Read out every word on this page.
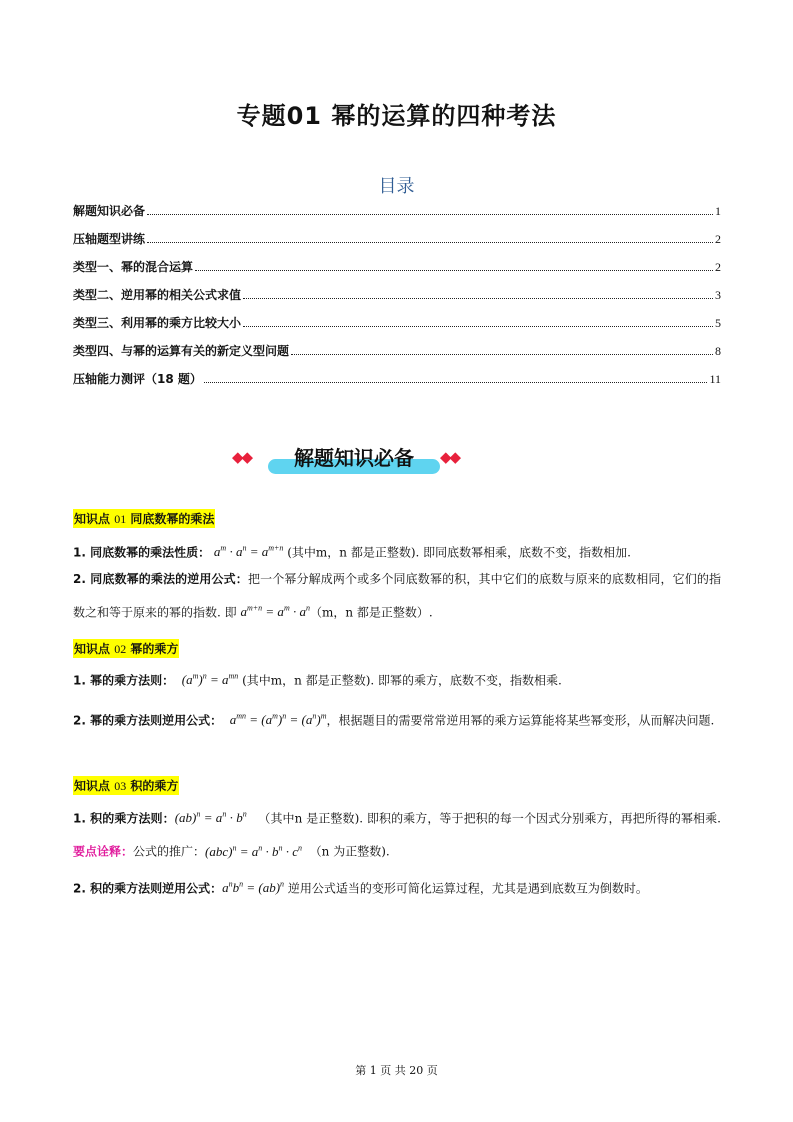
专题01 幂的运算的四种考法
目录
解题知识必备	1
压轴题型讲练	2
类型一、幂的混合运算	2
类型二、逆用幂的相关公式求值	3
类型三、利用幂的乘方比较大小	5
类型四、与幂的运算有关的新定义型问题	8
压轴能力测评（18 题）	11
◆◆	解题知识必备	◆◆
知识点 01 同底数幂的乘法
1. 同底数幂的乘法性质： $a^m \cdot a^n = a^{m+n}$ (其中m，n 都是正整数). 即同底数幂相乘，底数不变，指数相加.
2. 同底数幂的乘法的逆用公式：把一个幂分解成两个或多个同底数幂的积，其中它们的底数与原来的底数相同，它们的指数之和等于原来的幂的指数. 即 $a^{m+n} = a^m \cdot a^n(m$，n 都是正整数）.
知识点 02 幂的乘方
1. 幂的乘方法则： $(a^m)^n = a^{mn}$ (其中m，n 都是正整数). 即幂的乘方，底数不变，指数相乘.
2. 幂的乘方法则逆用公式： $a^{mn} = (a^m)^n = (a^n)^m$，根据题目的需要常常逆用幂的乘方运算能将某些幂变形，从而解决问题.
知识点 03 积的乘方
1. 积的乘方法则：$(ab)^n = a^n \cdot b^n$ （其中n 是正整数). 即积的乘方，等于把积的每一个因式分别乘方，再把所得的幂相乘.要点诠释：公式的推广：$(abc)^n = a^n \cdot b^n \cdot c^n$ （n 为正整数).
2. 积的乘方法则逆用公式：$a^nb^n = (ab)^n$ 逆用公式适当的变形可简化运算过程，尤其是遇到底数互为倒数时。
第 1 页 共 20 页
